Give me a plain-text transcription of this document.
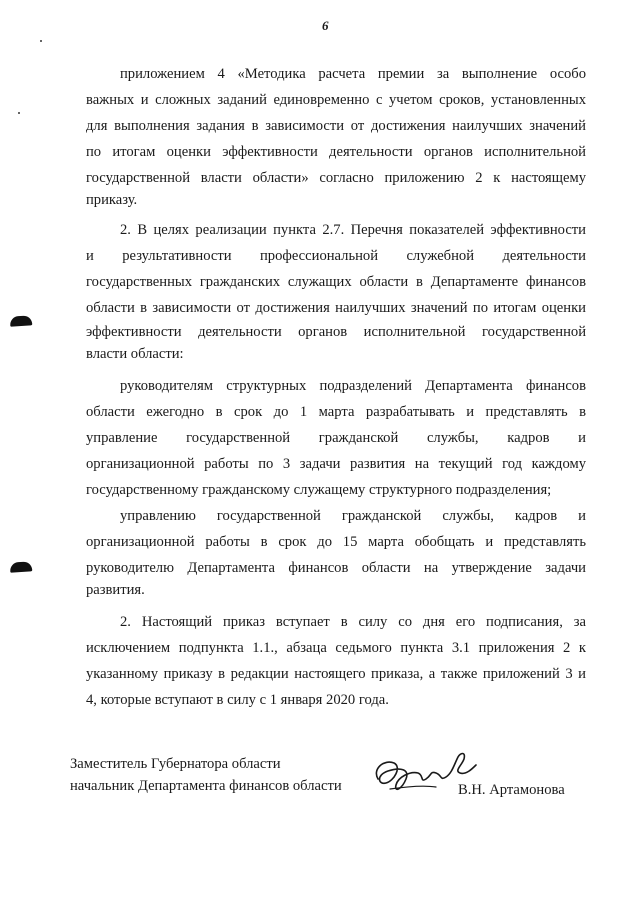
6
приложением 4 «Методика расчета премии за выполнение особо
важных и сложных заданий единовременно с учетом сроков, установленных
для выполнения задания в зависимости от достижения наилучших значений
по итогам оценки эффективности деятельности органов исполнительной
государственной власти области» согласно приложению 2 к настоящему
приказу.
2. В целях реализации пункта 2.7. Перечня показателей эффективности
и результативности профессиональной служебной деятельности
государственных гражданских служащих области в Департаменте финансов
области в зависимости от достижения наилучших значений по итогам оценки
эффективности деятельности органов исполнительной государственной
власти области:
руководителям структурных подразделений Департамента финансов
области ежегодно в срок до 1 марта разрабатывать и представлять в
управление государственной гражданской службы, кадров и
организационной работы по 3 задачи развития на текущий год каждому
государственному гражданскому служащему структурного подразделения;
управлению государственной гражданской службы, кадров и
организационной работы в срок до 15 марта обобщать и представлять
руководителю Департамента финансов области на утверждение задачи
развития.
2. Настоящий приказ вступает в силу со дня его подписания, за
исключением подпункта 1.1., абзаца седьмого пункта 3.1 приложения 2 к
указанному приказу в редакции настоящего приказа, а также приложений 3 и
4, которые вступают в силу с 1 января 2020 года.
Заместитель Губернатора области
начальник Департамента финансов области	В.Н. Артамонова
